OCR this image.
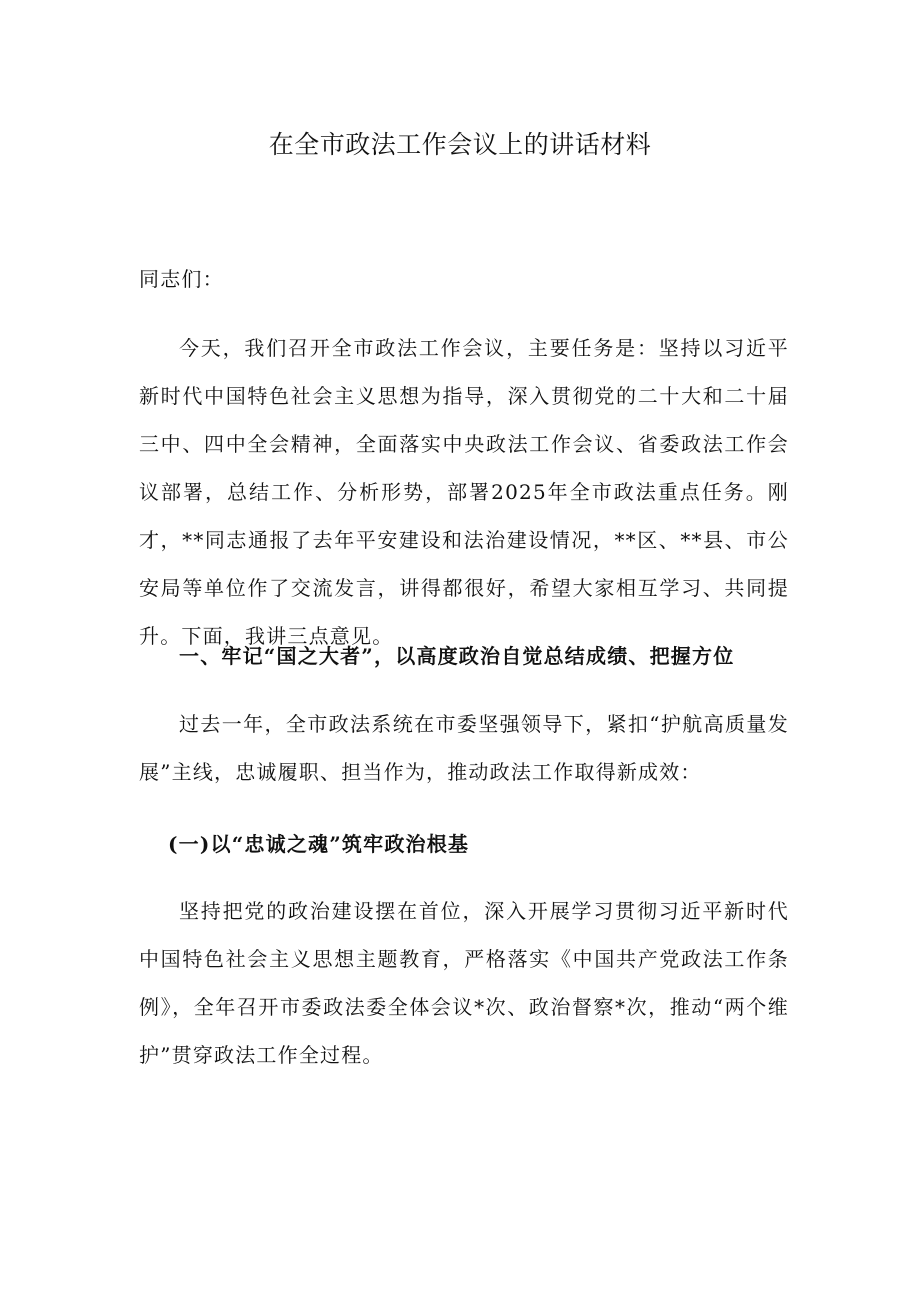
在全市政法工作会议上的讲话材料

同志们：

今天，我们召开全市政法工作会议，主要任务是：坚持以习近平新时代中国特色社会主义思想为指导，深入贯彻党的二十大和二十届三中、四中全会精神，全面落实中央政法工作会议、省委政法工作会议部署，总结工作、分析形势，部署2025年全市政法重点任务。刚才，**同志通报了去年平安建设和法治建设情况，**区、**县、市公安局等单位作了交流发言，讲得都很好，希望大家相互学习、共同提升。下面，我讲三点意见。

一、牢记“国之大者”，以高度政治自觉总结成绩、把握方位

过去一年，全市政法系统在市委坚强领导下，紧扣“护航高质量发展”主线，忠诚履职、担当作为，推动政法工作取得新成效：

(一)以“忠诚之魂”筑牢政治根基

坚持把党的政治建设摆在首位，深入开展学习贯彻习近平新时代中国特色社会主义思想主题教育，严格落实《中国共产党政法工作条例》，全年召开市委政法委全体会议*次、政治督察*次，推动“两个维护”贯穿政法工作全过程。
